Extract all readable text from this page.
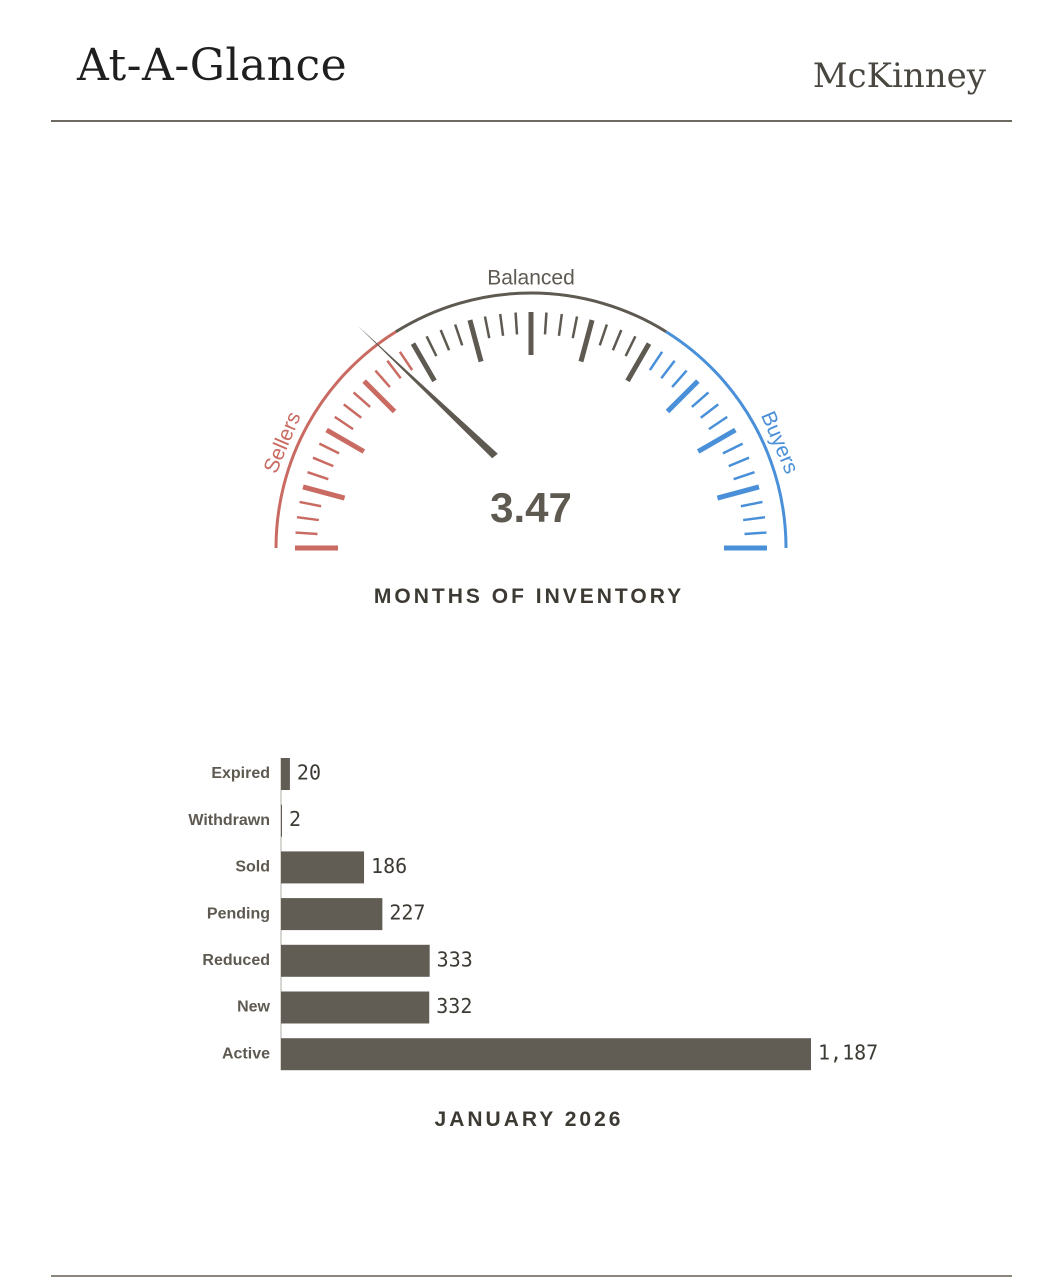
At-A-Glance	McKinney
Sellers
Balanced
Buyers
3.47
MONTHS OF INVENTORY
Expired 20
Withdrawn 2
Sold	186
Pending	227
Reduced	333
New	332
Active	1,187
JANUARY 2026
